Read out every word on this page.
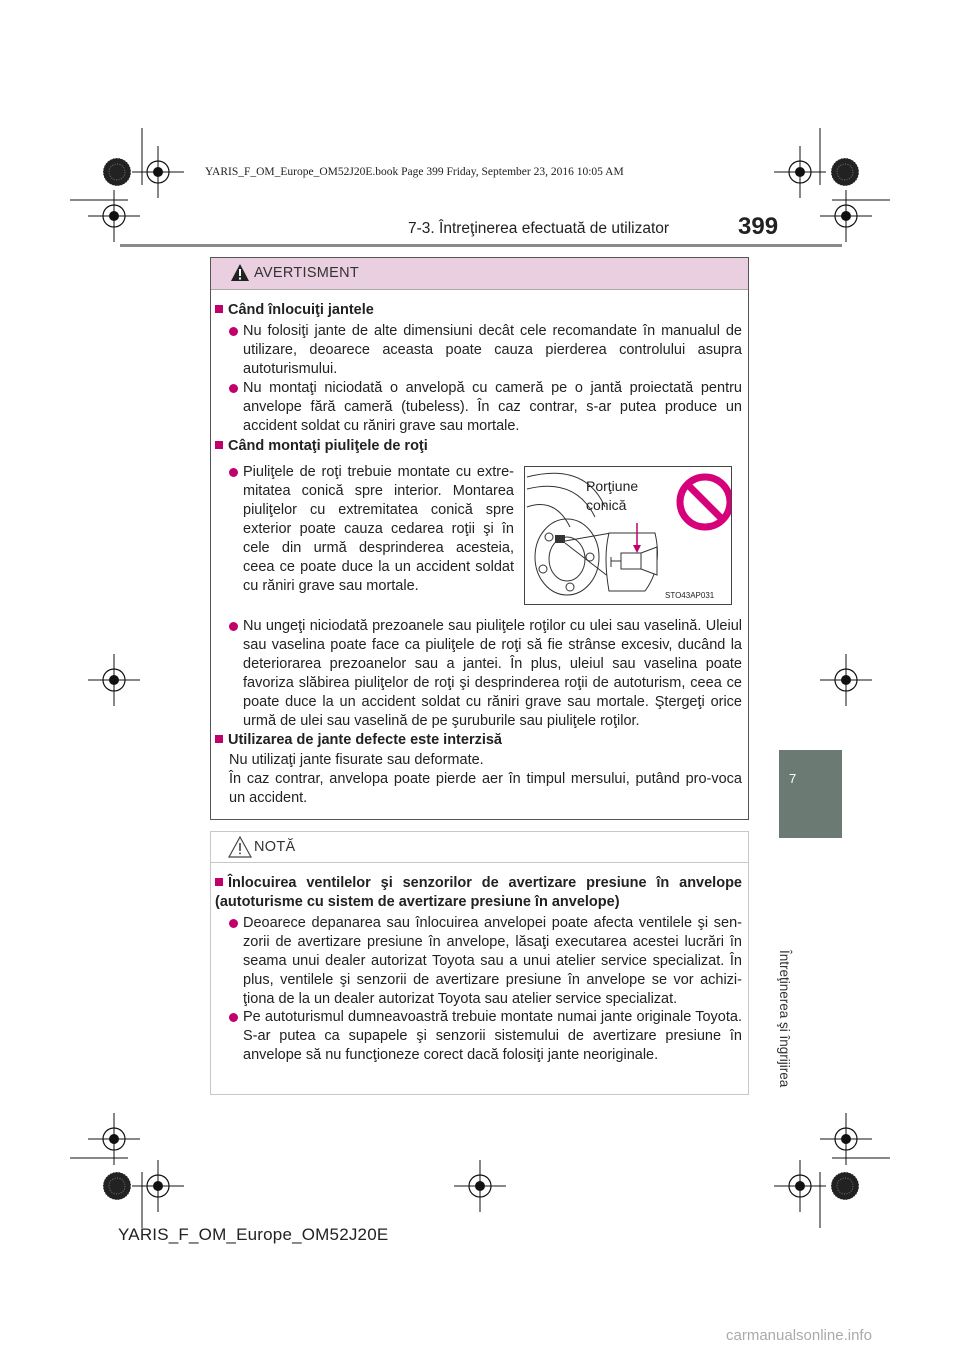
YARIS_F_OM_Europe_OM52J20E.book Page 399 Friday, September 23, 2016 10:05 AM
7-3. Întreţinerea efectuată de utilizator	399
7
Întreţinerea şi îngrijirea
AVERTISMENT
Când înlocuiţi jantele
Nu folosiţi jante de alte dimensiuni decât cele recomandate în manualul de utilizare, deoarece aceasta poate cauza pierderea controlului asupra autoturismului.
Nu montaţi niciodată o anvelopă cu cameră pe o jantă proiectată pentru anvelope fără cameră (tubeless). În caz contrar, s-ar putea produce un accident soldat cu răniri grave sau mortale.
Când montaţi piuliţele de roţi
Piuliţele de roţi trebuie montate cu extre-mitatea conică spre interior. Montarea piuliţelor cu extremitatea conică spre exterior poate cauza cedarea roţii şi în cele din urmă desprinderea acesteia, ceea ce poate duce la un accident soldat cu răniri grave sau mortale.
Porţiune
conică
STO43AP031
Nu ungeţi niciodată prezoanele sau piuliţele roţilor cu ulei sau vaselină. Uleiul sau vaselina poate face ca piuliţele de roţi să fie strânse excesiv, ducând la deteriorarea prezoanelor sau a jantei. În plus, uleiul sau vaselina poate favoriza slăbirea piuliţelor de roţi şi desprinderea roţii de autoturism, ceea ce poate duce la un accident soldat cu răniri grave sau mortale. Ştergeţi orice urmă de ulei sau vaselină de pe şuruburile sau piuliţele roţilor.
Utilizarea de jante defecte este interzisă
Nu utilizaţi jante fisurate sau deformate.
În caz contrar, anvelopa poate pierde aer în timpul mersului, putând pro-voca un accident.
NOTĂ
Înlocuirea ventilelor şi senzorilor de avertizare presiune în anvelope (autoturisme cu sistem de avertizare presiune în anvelope)
Deoarece depanarea sau înlocuirea anvelopei poate afecta ventilele şi sen-zorii de avertizare presiune în anvelope, lăsaţi executarea acestei lucrări în seama unui dealer autorizat Toyota sau a unui atelier service specializat. În plus, ventilele şi senzorii de avertizare presiune în anvelope se vor achizi-ţiona de la un dealer autorizat Toyota sau atelier service specializat.
Pe autoturismul dumneavoastră trebuie montate numai jante originale Toyota. S-ar putea ca supapele şi senzorii sistemului de avertizare presiune în anvelope să nu funcţioneze corect dacă folosiţi jante neoriginale.
YARIS_F_OM_Europe_OM52J20E
carmanualsonline.info
